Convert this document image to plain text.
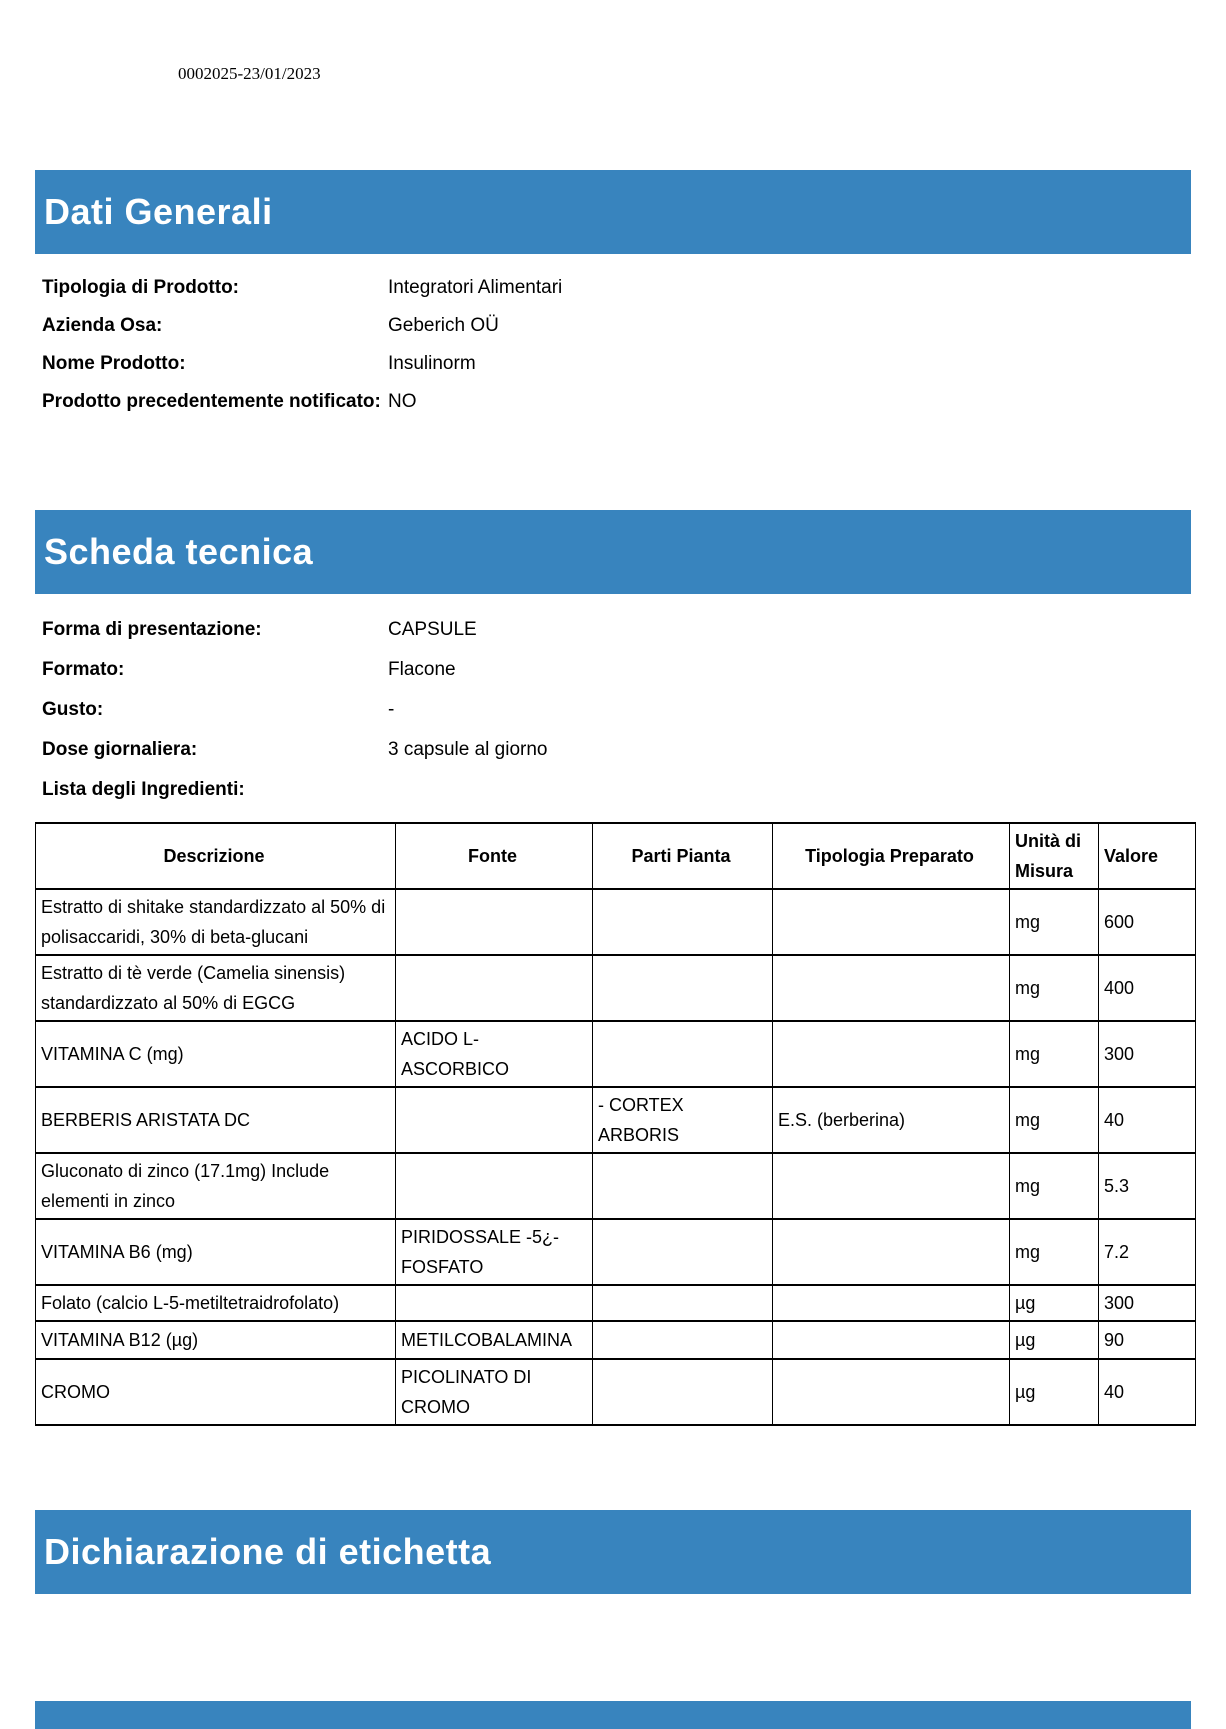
0002025-23/01/2023
Dati Generali
Tipologia di Prodotto:	Integratori Alimentari
Azienda Osa:	Geberich OÜ
Nome Prodotto:	Insulinorm
Prodotto precedentemente notificato: NO
Scheda tecnica
Forma di presentazione:	CAPSULE
Formato:	Flacone
Gusto:	-
Dose giornaliera:	3 capsule al giorno
Lista degli Ingredienti:
Descrizione	Fonte	Parti Pianta	Tipologia Preparato	Unità di Misura	Valore
Estratto di shitake standardizzato al 50% di polisaccaridi, 30% di beta-glucani				mg	600
Estratto di tè verde (Camelia sinensis) standardizzato al 50% di EGCG				mg	400
VITAMINA C (mg)	ACIDO L-ASCORBICO			mg	300
BERBERIS ARISTATA DC		- CORTEX ARBORIS	E.S. (berberina)	mg	40
Gluconato di zinco (17.1mg) Include elementi in zinco				mg	5.3
VITAMINA B6 (mg)	PIRIDOSSALE -5¿- FOSFATO			mg	7.2
Folato (calcio L-5-metiltetraidrofolato)				µg	300
VITAMINA B12 (µg)	METILCOBALAMINA			µg	90
CROMO	PICOLINATO DI CROMO			µg	40
Dichiarazione di etichetta
